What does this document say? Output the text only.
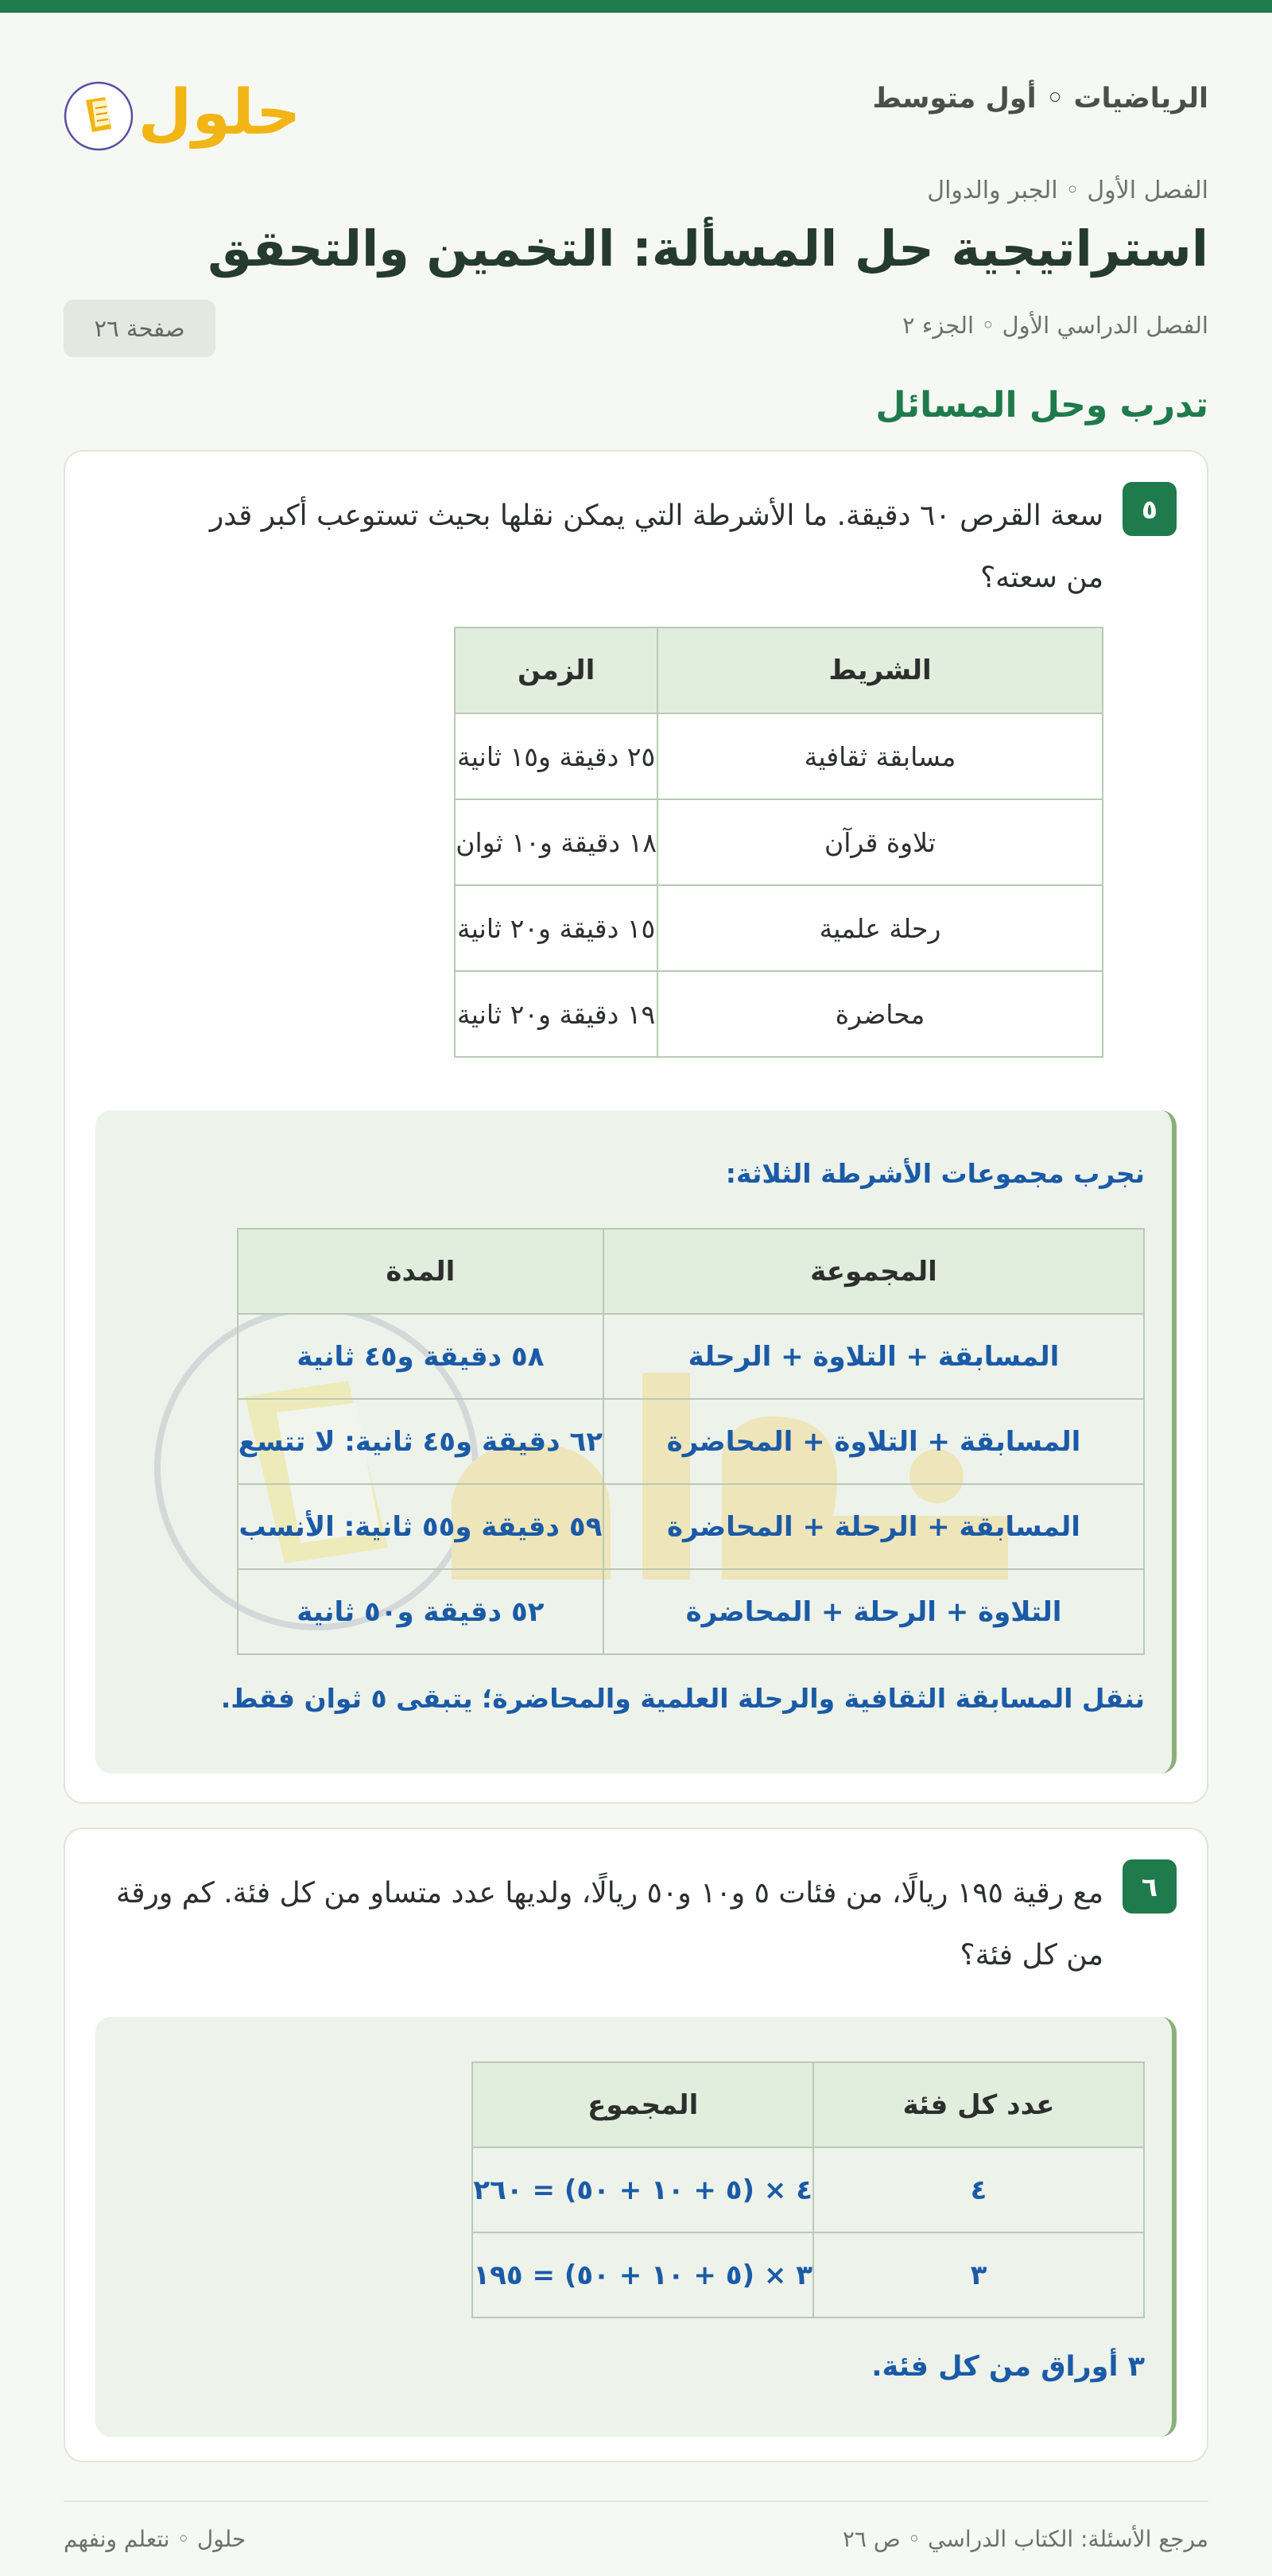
الرياضيات ◦ أول متوسط
حلول
الفصل الأول ◦ الجبر والدوال
استراتيجية حل المسألة: التخمين والتحقق
الفصل الدراسي الأول ◦ الجزء ٢
صفحة ٢٦
تدرب وحل المسائل
٥
سعة القرص ٦٠ دقيقة. ما الأشرطة التي يمكن نقلها بحيث تستوعب أكبر قدر من سعته؟
الشريط	الزمن
مسابقة ثقافية	٢٥ دقيقة و١٥ ثانية
تلاوة قرآن	١٨ دقيقة و١٠ ثوان
رحلة علمية	١٥ دقيقة و٢٠ ثانية
محاضرة	١٩ دقيقة و٢٠ ثانية
نجرب مجموعات الأشرطة الثلاثة:
المجموعة	المدة
المسابقة + التلاوة + الرحلة	٥٨ دقيقة و٤٥ ثانية
المسابقة + التلاوة + المحاضرة	٦٢ دقيقة و٤٥ ثانية: لا تتسع
المسابقة + الرحلة + المحاضرة	٥٩ دقيقة و٥٥ ثانية: الأنسب
التلاوة + الرحلة + المحاضرة	٥٢ دقيقة و٥٠ ثانية
ننقل المسابقة الثقافية والرحلة العلمية والمحاضرة؛ يتبقى ٥ ثوان فقط.
٦
مع رقية ١٩٥ ريالًا، من فئات ٥ و١٠ و٥٠ ريالًا، ولديها عدد متساو من كل فئة. كم ورقة من كل فئة؟
عدد كل فئة	المجموع
٤	٤ × (٥ + ١٠ + ٥٠) = ٢٦٠
٣	٣ × (٥ + ١٠ + ٥٠) = ١٩٥
٣ أوراق من كل فئة.
مرجع الأسئلة: الكتاب الدراسي ◦ ص ٢٦
حلول ◦ نتعلم ونفهم
